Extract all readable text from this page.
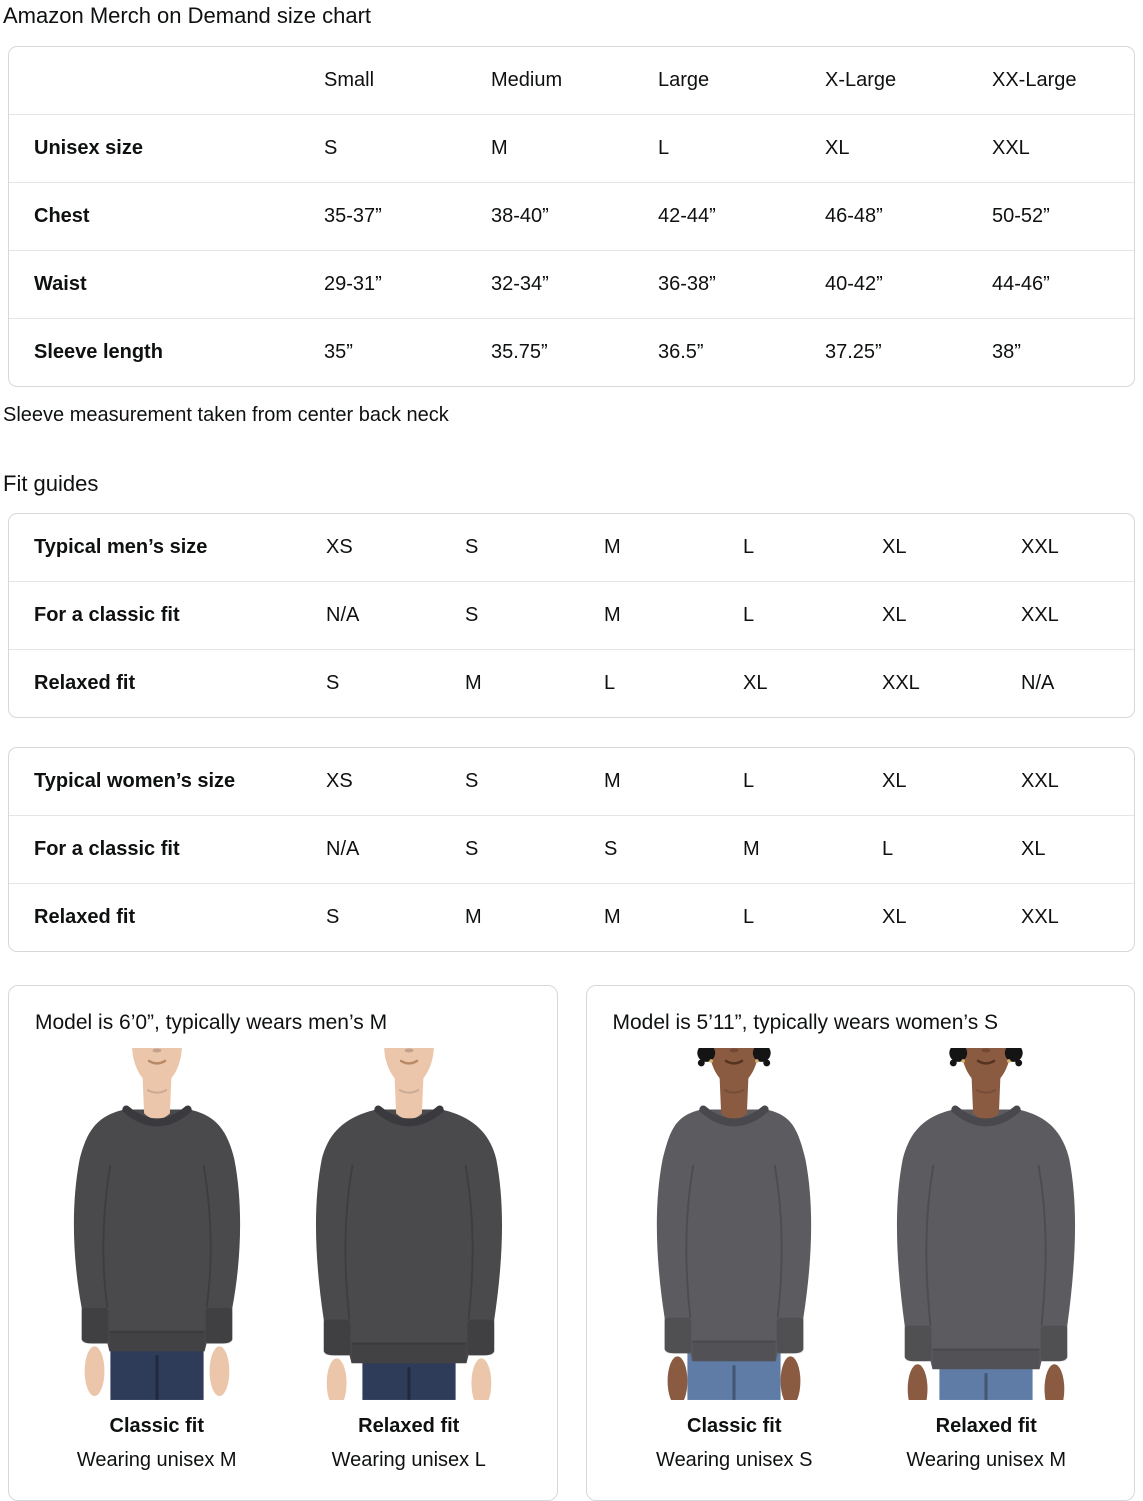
Amazon Merch on Demand size chart
	Small	Medium	Large	X-Large	XX-Large
Unisex size	S	M	L	XL	XXL
Chest	35-37”	38-40”	42-44”	46-48”	50-52”
Waist	29-31”	32-34”	36-38”	40-42”	44-46”
Sleeve length	35”	35.75”	36.5”	37.25”	38”

Sleeve measurement taken from center back neck

Fit guides
Typical men’s size	XS	S	M	L	XL	XXL
For a classic fit	N/A	S	M	L	XL	XXL
Relaxed fit	S	M	L	XL	XXL	N/A
Typical women’s size	XS	S	M	L	XL	XXL
For a classic fit	N/A	S	S	M	L	XL
Relaxed fit	S	M	M	L	XL	XXL
Model is 6’0”, typically wears men’s M
Classic fit
Wearing unisex M
Relaxed fit
Wearing unisex L
Model is 5’11”, typically wears women’s S
Classic fit
Wearing unisex S
Relaxed fit
Wearing unisex M
